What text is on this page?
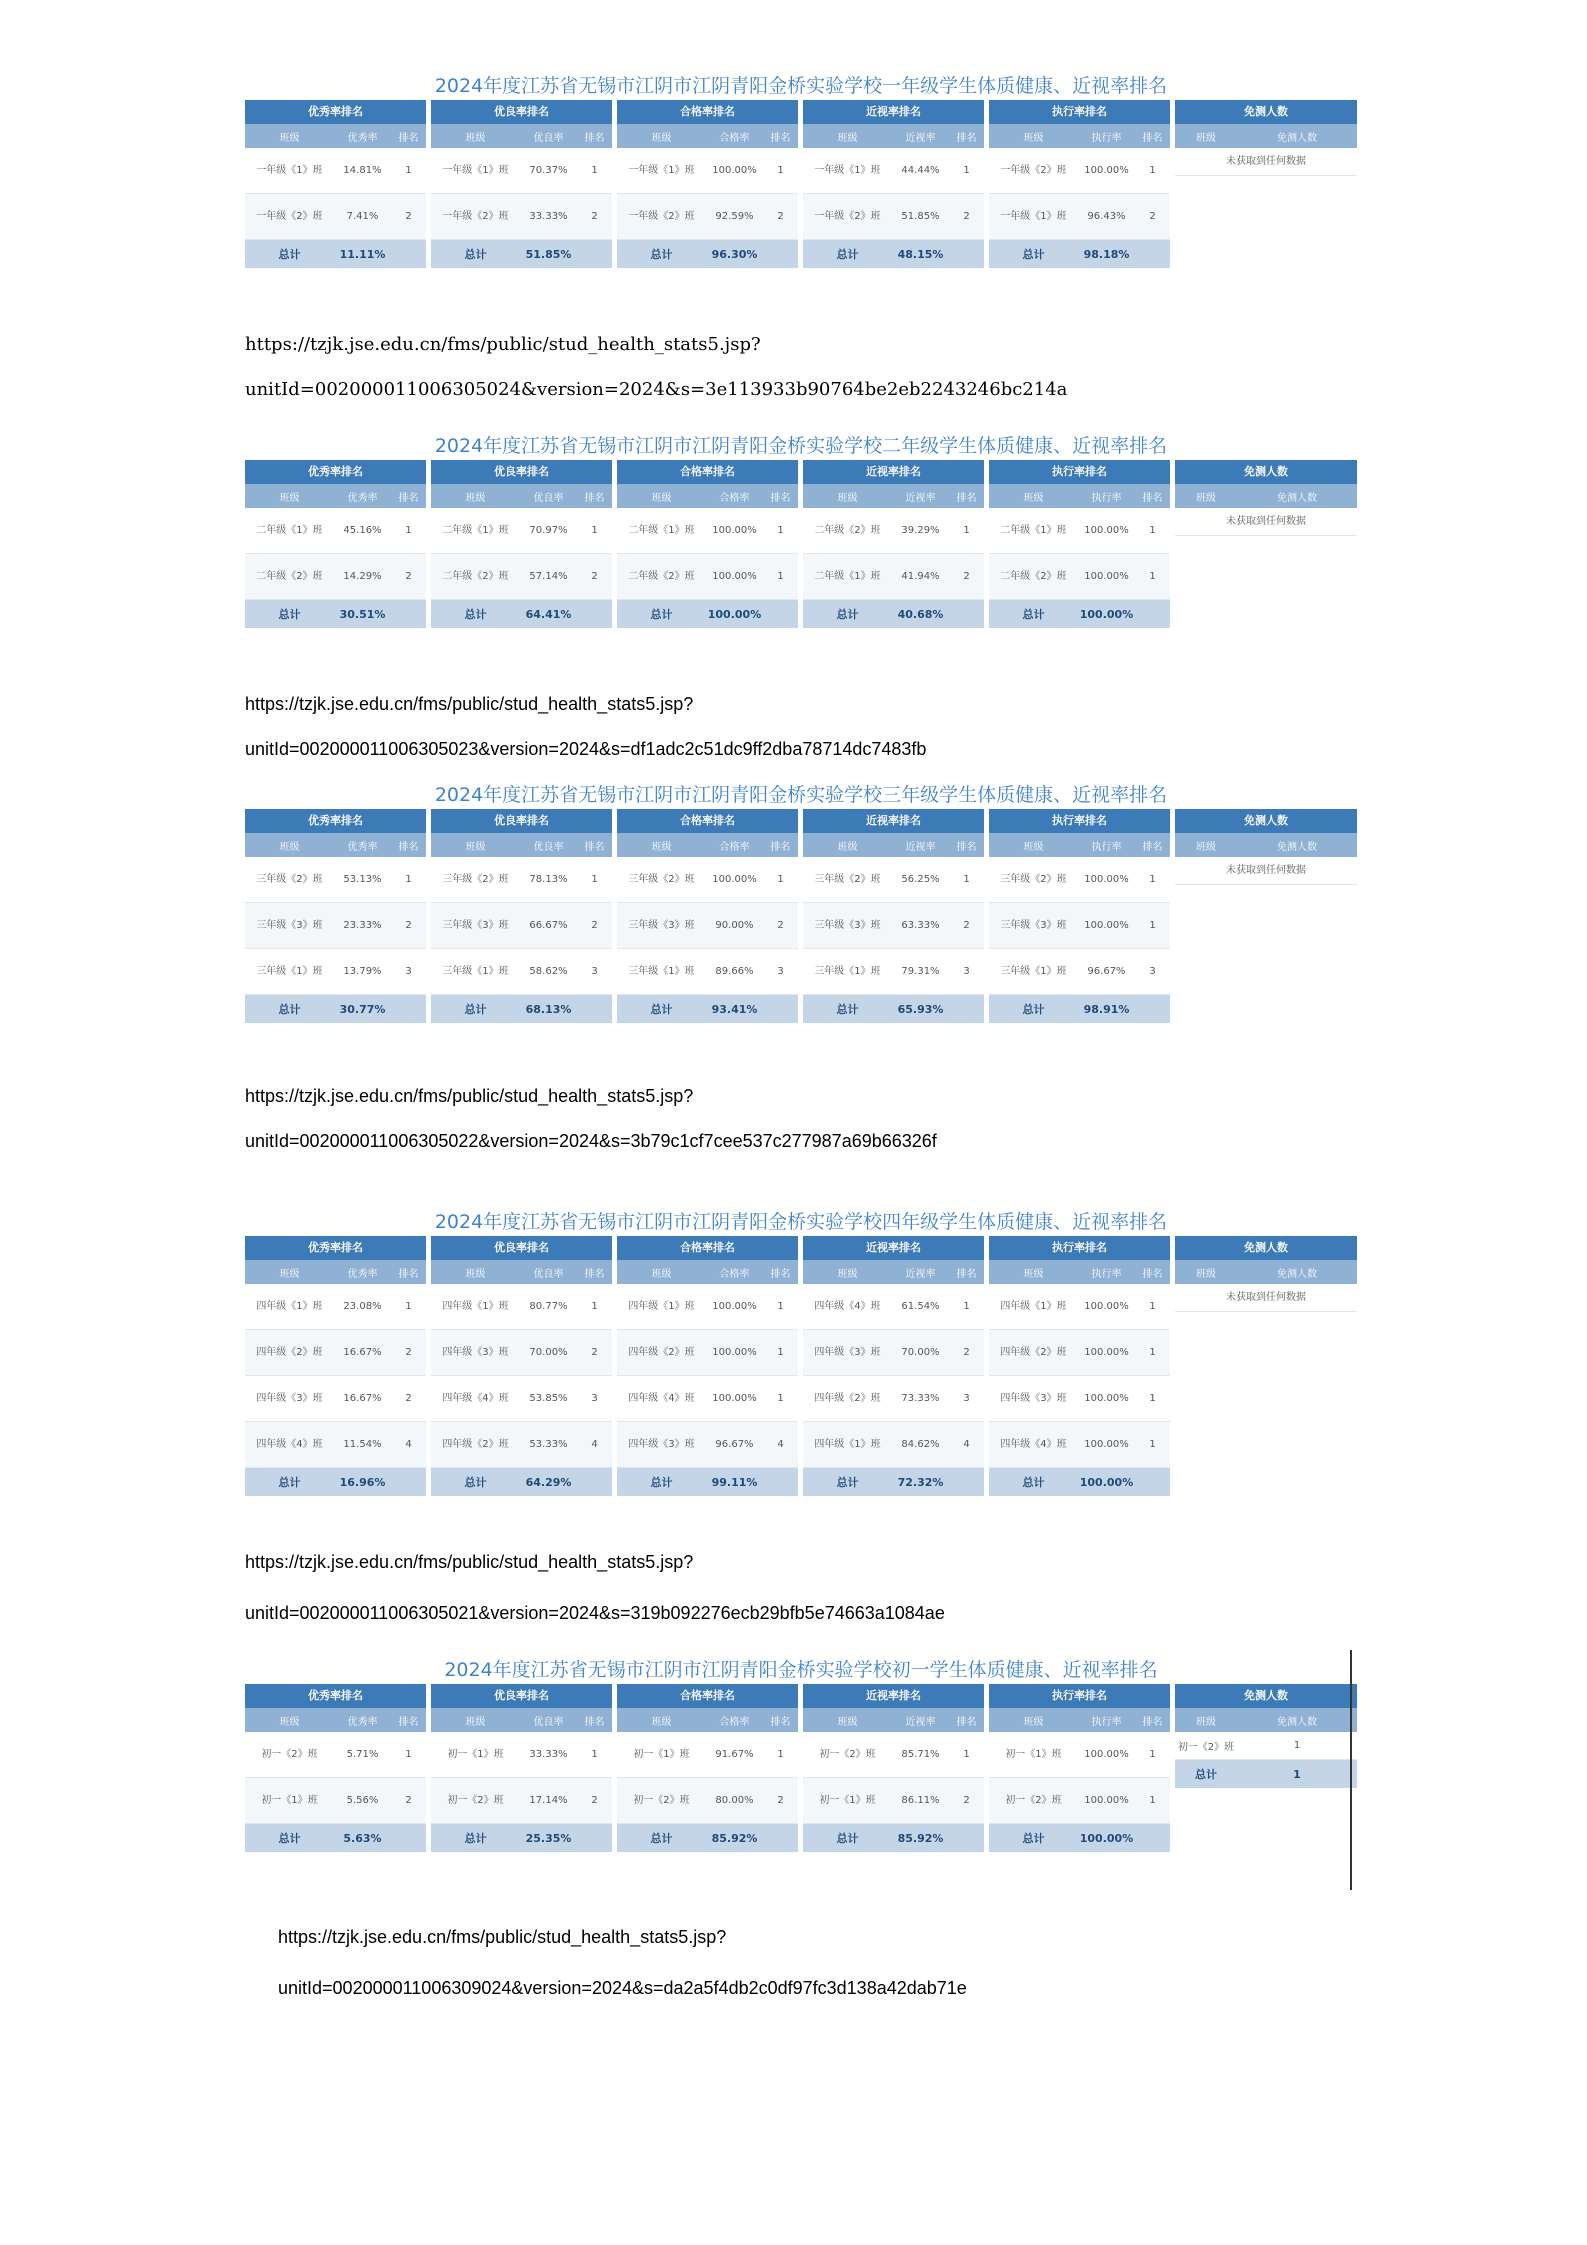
2024年度江苏省无锡市江阴市江阴青阳金桥实验学校一年级学生体质健康、近视率排名
优秀率排名
班级	优秀率	排名
一年级《1》班	14.81%	1
一年级《2》班	7.41%	2
总计	11.11%
优良率排名
班级	优良率	排名
一年级《1》班	70.37%	1
一年级《2》班	33.33%	2
总计	51.85%
合格率排名
班级	合格率	排名
一年级《1》班	100.00%	1
一年级《2》班	92.59%	2
总计	96.30%
近视率排名
班级	近视率	排名
一年级《1》班	44.44%	1
一年级《2》班	51.85%	2
总计	48.15%
执行率排名
班级	执行率	排名
一年级《2》班	100.00%	1
一年级《1》班	96.43%	2
总计	98.18%
免测人数
班级	免测人数
未获取到任何数据
2024年度江苏省无锡市江阴市江阴青阳金桥实验学校二年级学生体质健康、近视率排名
优秀率排名
班级	优秀率	排名
二年级《1》班	45.16%	1
二年级《2》班	14.29%	2
总计	30.51%
优良率排名
班级	优良率	排名
二年级《1》班	70.97%	1
二年级《2》班	57.14%	2
总计	64.41%
合格率排名
班级	合格率	排名
二年级《1》班	100.00%	1
二年级《2》班	100.00%	1
总计	100.00%
近视率排名
班级	近视率	排名
二年级《2》班	39.29%	1
二年级《1》班	41.94%	2
总计	40.68%
执行率排名
班级	执行率	排名
二年级《1》班	100.00%	1
二年级《2》班	100.00%	1
总计	100.00%
免测人数
班级	免测人数
未获取到任何数据
2024年度江苏省无锡市江阴市江阴青阳金桥实验学校三年级学生体质健康、近视率排名
优秀率排名
班级	优秀率	排名
三年级《2》班	53.13%	1
三年级《3》班	23.33%	2
三年级《1》班	13.79%	3
总计	30.77%
优良率排名
班级	优良率	排名
三年级《2》班	78.13%	1
三年级《3》班	66.67%	2
三年级《1》班	58.62%	3
总计	68.13%
合格率排名
班级	合格率	排名
三年级《2》班	100.00%	1
三年级《3》班	90.00%	2
三年级《1》班	89.66%	3
总计	93.41%
近视率排名
班级	近视率	排名
三年级《2》班	56.25%	1
三年级《3》班	63.33%	2
三年级《1》班	79.31%	3
总计	65.93%
执行率排名
班级	执行率	排名
三年级《2》班	100.00%	1
三年级《3》班	100.00%	1
三年级《1》班	96.67%	3
总计	98.91%
免测人数
班级	免测人数
未获取到任何数据
2024年度江苏省无锡市江阴市江阴青阳金桥实验学校四年级学生体质健康、近视率排名
优秀率排名
班级	优秀率	排名
四年级《1》班	23.08%	1
四年级《2》班	16.67%	2
四年级《3》班	16.67%	2
四年级《4》班	11.54%	4
总计	16.96%
优良率排名
班级	优良率	排名
四年级《1》班	80.77%	1
四年级《3》班	70.00%	2
四年级《4》班	53.85%	3
四年级《2》班	53.33%	4
总计	64.29%
合格率排名
班级	合格率	排名
四年级《1》班	100.00%	1
四年级《2》班	100.00%	1
四年级《4》班	100.00%	1
四年级《3》班	96.67%	4
总计	99.11%
近视率排名
班级	近视率	排名
四年级《4》班	61.54%	1
四年级《3》班	70.00%	2
四年级《2》班	73.33%	3
四年级《1》班	84.62%	4
总计	72.32%
执行率排名
班级	执行率	排名
四年级《1》班	100.00%	1
四年级《2》班	100.00%	1
四年级《3》班	100.00%	1
四年级《4》班	100.00%	1
总计	100.00%
免测人数
班级	免测人数
未获取到任何数据
2024年度江苏省无锡市江阴市江阴青阳金桥实验学校初一学生体质健康、近视率排名
优秀率排名
班级	优秀率	排名
初一《2》班	5.71%	1
初一《1》班	5.56%	2
总计	5.63%
优良率排名
班级	优良率	排名
初一《1》班	33.33%	1
初一《2》班	17.14%	2
总计	25.35%
合格率排名
班级	合格率	排名
初一《1》班	91.67%	1
初一《2》班	80.00%	2
总计	85.92%
近视率排名
班级	近视率	排名
初一《2》班	85.71%	1
初一《1》班	86.11%	2
总计	85.92%
执行率排名
班级	执行率	排名
初一《1》班	100.00%	1
初一《2》班	100.00%	1
总计	100.00%
免测人数
班级	免测人数
初一《2》班	1
总计	1
https://tzjk.jse.edu.cn/fms/public/stud_health_stats5.jsp?
unitId=002000011006305024&version=2024&s=3e113933b90764be2eb2243246bc214a
https://tzjk.jse.edu.cn/fms/public/stud_health_stats5.jsp?
unitId=002000011006305023&version=2024&s=df1adc2c51dc9ff2dba78714dc7483fb
https://tzjk.jse.edu.cn/fms/public/stud_health_stats5.jsp?
unitId=002000011006305022&version=2024&s=3b79c1cf7cee537c277987a69b66326f
https://tzjk.jse.edu.cn/fms/public/stud_health_stats5.jsp?
unitId=002000011006305021&version=2024&s=319b092276ecb29bfb5e74663a1084ae
https://tzjk.jse.edu.cn/fms/public/stud_health_stats5.jsp?
unitId=002000011006309024&version=2024&s=da2a5f4db2c0df97fc3d138a42dab71e
